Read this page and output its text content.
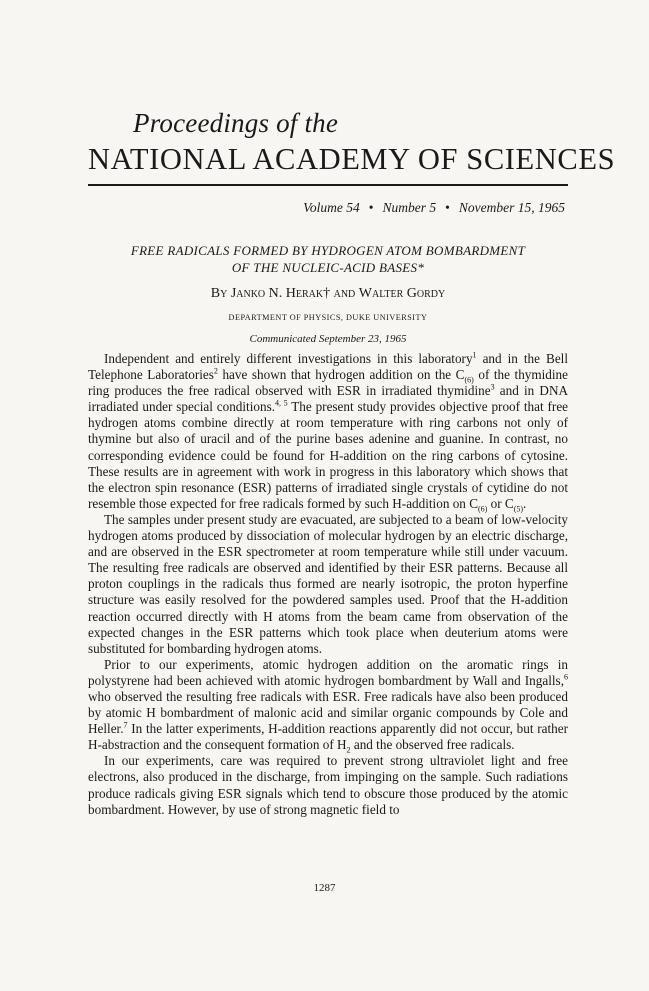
Proceedings of the
NATIONAL ACADEMY OF SCIENCES
Volume 54 • Number 5 • November 15, 1965
FREE RADICALS FORMED BY HYDROGEN ATOM BOMBARDMENT
OF THE NUCLEIC-ACID BASES*
By Janko N. Herak† and Walter Gordy
DEPARTMENT OF PHYSICS, DUKE UNIVERSITY
Communicated September 23, 1965

Independent and entirely different investigations in this laboratory$^1$ and in the Bell Telephone Laboratories$^2$ have shown that hydrogen addition on the $C_{(6)}$ of the thymidine ring produces the free radical observed with ESR in irradiated thymidine$^3$ and in DNA irradiated under special conditions.$^{4, 5}$ The present study provides objective proof that free hydrogen atoms combine directly at room temperature with ring carbons not only of thymine but also of uracil and of the purine bases adenine and guanine. In contrast, no corresponding evidence could be found for H-addition on the ring carbons of cytosine. These results are in agreement with work in progress in this laboratory which shows that the electron spin resonance (ESR) patterns of irradiated single crystals of cytidine do not resemble those expected for free radicals formed by such H-addition on $C_{(6)}$ or $C_{(5)}$.

The samples under present study are evacuated, are subjected to a beam of low-velocity hydrogen atoms produced by dissociation of molecular hydrogen by an electric discharge, and are observed in the ESR spectrometer at room temperature while still under vacuum. The resulting free radicals are observed and identified by their ESR patterns. Because all proton couplings in the radicals thus formed are nearly isotropic, the proton hyperfine structure was easily resolved for the powdered samples used. Proof that the H-addition reaction occurred directly with H atoms from the beam came from observation of the expected changes in the ESR patterns which took place when deuterium atoms were substituted for bombarding hydrogen atoms.

Prior to our experiments, atomic hydrogen addition on the aromatic rings in polystyrene had been achieved with atomic hydrogen bombardment by Wall and Ingalls,$^6$ who observed the resulting free radicals with ESR. Free radicals have also been produced by atomic H bombardment of malonic acid and similar organic compounds by Cole and Heller.$^7$ In the latter experiments, H-addition reactions apparently did not occur, but rather H-abstraction and the consequent formation of $H_2$ and the observed free radicals.

In our experiments, care was required to prevent strong ultraviolet light and free electrons, also produced in the discharge, from impinging on the sample. Such radiations produce radicals giving ESR signals which tend to obscure those produced by the atomic bombardment. However, by use of strong magnetic field to

1287
